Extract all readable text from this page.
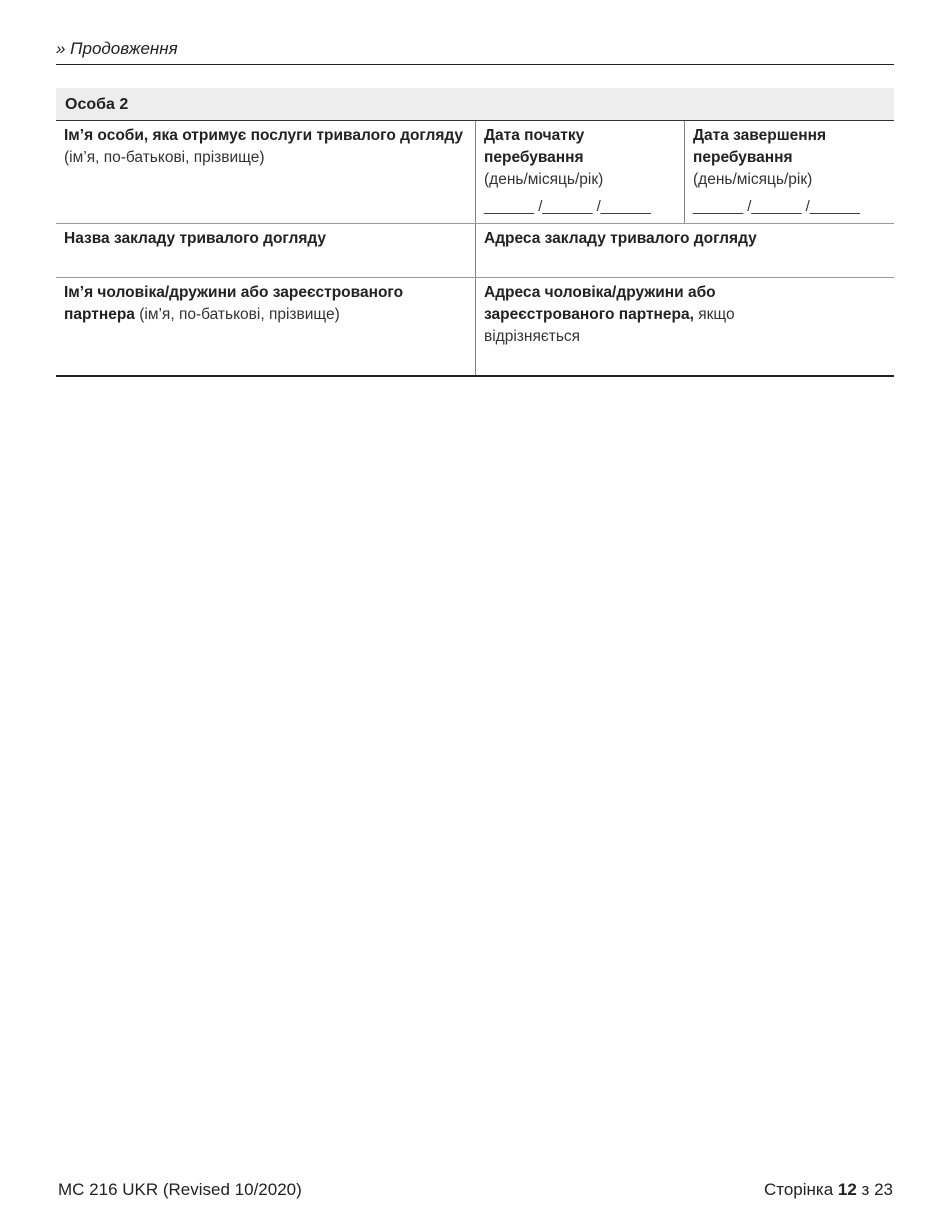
» Продовження
Особа 2
Ім’я особи, яка отримує послуги тривалого догляду (ім’я, по-батькові, прізвище)
Дата початку перебування
(день/місяць/рік)
______ /______ /______
Дата завершення перебування
(день/місяць/рік)
______ /______ /______
Назва закладу тривалого догляду	Адреса закладу тривалого догляду
Ім’я чоловіка/дружини або зареєстрованого партнера (ім’я, по-батькові, прізвище)
Адреса чоловіка/дружини або зареєстрованого партнера, якщо відрізняється
MC 216 UKR (Revised 10/2020)	Сторінка 12 з 23
